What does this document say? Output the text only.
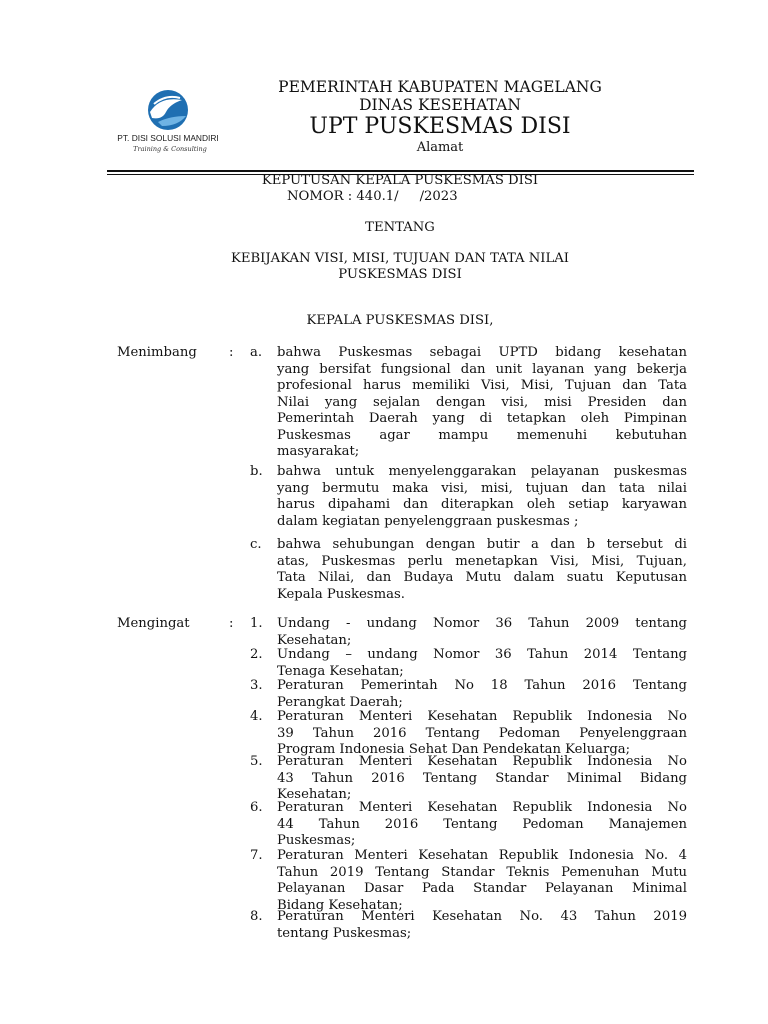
PT. DISI SOLUSI MANDIRI
Training & Consulting
PEMERINTAH KABUPATEN MAGELANG
DINAS KESEHATAN
UPT PUSKESMAS DISI
Alamat
KEPUTUSAN KEPALA PUSKESMAS DISI
NOMOR : 440.1/     /2023
TENTANG
KEBIJAKAN VISI, MISI, TUJUAN DAN TATA NILAI
PUSKESMAS DISI
KEPALA PUSKESMAS DISI,
Menimbang : a.	bahwa Puskesmas sebagai UPTD bidang kesehatan
yang bersifat fungsional dan unit layanan yang bekerja
profesional harus memiliki Visi, Misi, Tujuan dan Tata
Nilai yang sejalan dengan visi, misi Presiden dan
Pemerintah Daerah yang di tetapkan oleh Pimpinan
Puskesmas agar mampu memenuhi kebutuhan
masyarakat;
b.	bahwa untuk menyelenggarakan pelayanan puskesmas
yang bermutu maka visi, misi, tujuan dan tata nilai
harus dipahami dan diterapkan oleh setiap karyawan
dalam kegiatan penyelenggraan puskesmas ;
c.	bahwa sehubungan dengan butir a dan b tersebut di
atas, Puskesmas perlu menetapkan Visi, Misi, Tujuan,
Tata Nilai, dan Budaya Mutu dalam suatu Keputusan
Kepala Puskesmas.
Mengingat	: 1.	Undang - undang Nomor 36 Tahun 2009 tentang
Kesehatan;
2.	Undang – undang Nomor 36 Tahun 2014 Tentang
Tenaga Kesehatan;
3.	Peraturan Pemerintah No 18 Tahun 2016 Tentang
Perangkat Daerah;
4.	Peraturan Menteri Kesehatan Republik Indonesia No
39 Tahun 2016 Tentang Pedoman Penyelenggraan
Program Indonesia Sehat Dan Pendekatan Keluarga;
5.	Peraturan Menteri Kesehatan Republik Indonesia No
43 Tahun 2016 Tentang Standar Minimal Bidang
Kesehatan;
6.	Peraturan Menteri Kesehatan Republik Indonesia No
44 Tahun 2016 Tentang Pedoman Manajemen
Puskesmas;
7.	Peraturan Menteri Kesehatan Republik Indonesia No. 4
Tahun 2019 Tentang Standar Teknis Pemenuhan Mutu
Pelayanan Dasar Pada Standar Pelayanan Minimal
Bidang Kesehatan;
8.	Peraturan Menteri Kesehatan No. 43 Tahun 2019
tentang Puskesmas;
